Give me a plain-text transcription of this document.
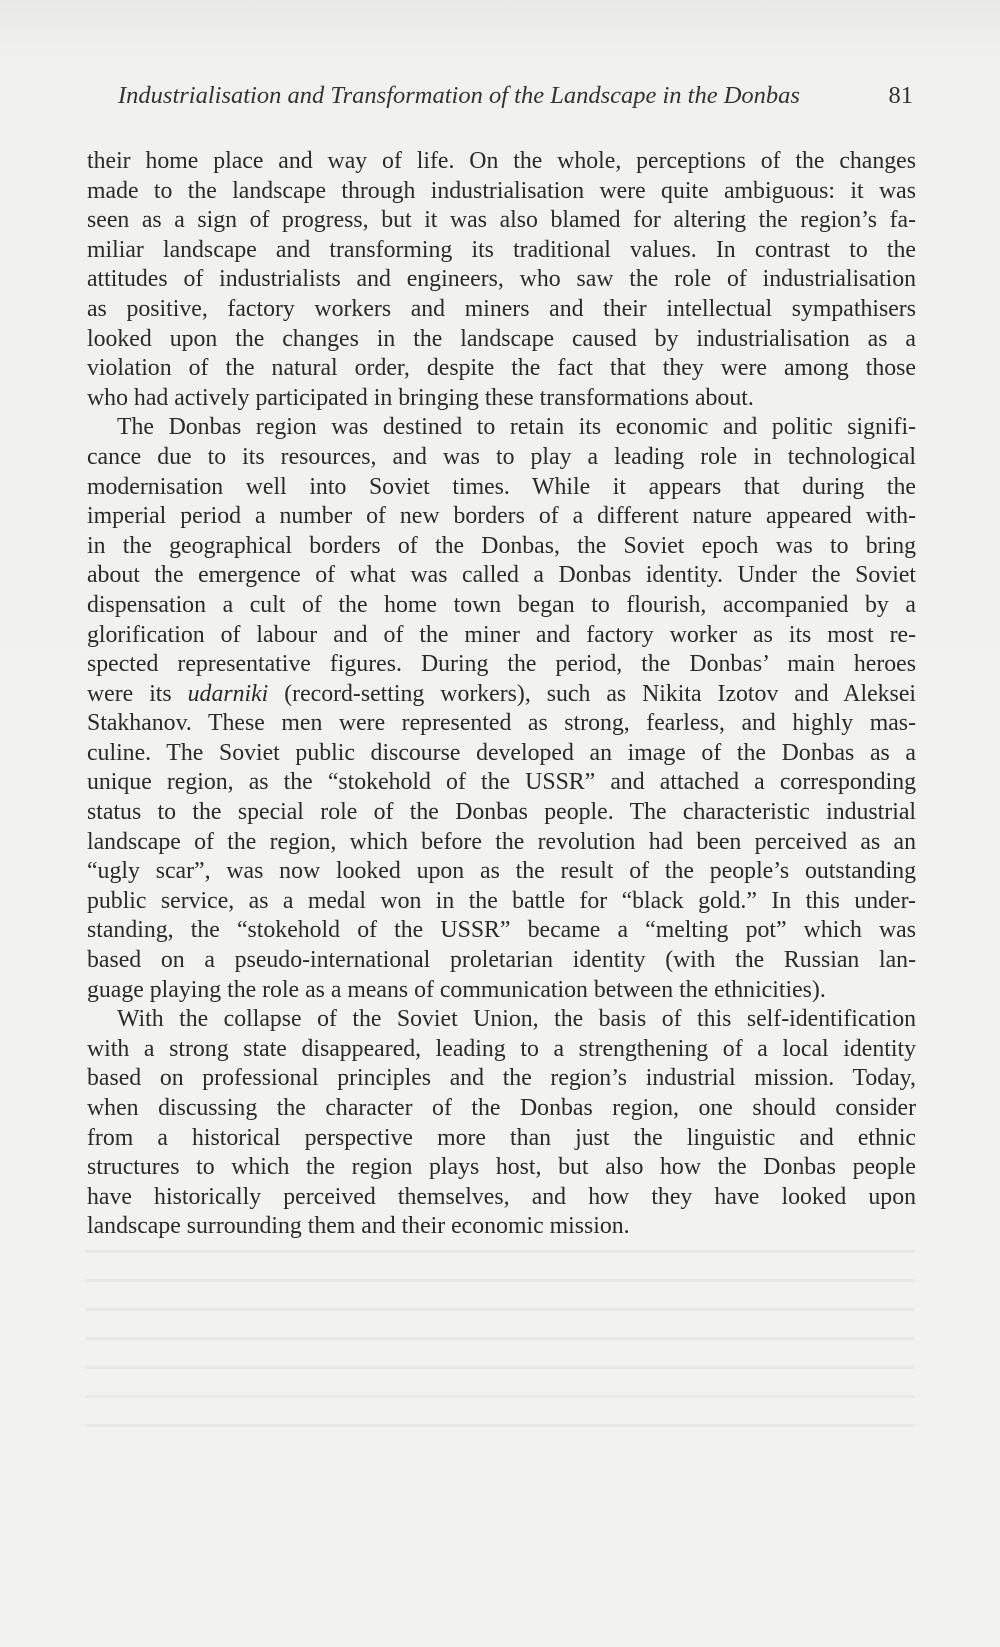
Industrialisation and Transformation of the Landscape in the Donbas	81
their home place and way of life. On the whole, perceptions of the changes
made to the landscape through industrialisation were quite ambiguous: it was
seen as a sign of progress, but it was also blamed for altering the region’s fa-
miliar landscape and transforming its traditional values. In contrast to the
attitudes of industrialists and engineers, who saw the role of industrialisation
as positive, factory workers and miners and their intellectual sympathisers
looked upon the changes in the landscape caused by industrialisation as a
violation of the natural order, despite the fact that they were among those
who had actively participated in bringing these transformations about.
The Donbas region was destined to retain its economic and politic signifi-
cance due to its resources, and was to play a leading role in technological
modernisation well into Soviet times. While it appears that during the
imperial period a number of new borders of a different nature appeared with-
in the geographical borders of the Donbas, the Soviet epoch was to bring
about the emergence of what was called a Donbas identity. Under the Soviet
dispensation a cult of the home town began to flourish, accompanied by a
glorification of labour and of the miner and factory worker as its most re-
spected representative figures. During the period, the Donbas’ main heroes
were its udarniki (record-setting workers), such as Nikita Izotov and Aleksei
Stakhanov. These men were represented as strong, fearless, and highly mas-
culine. The Soviet public discourse developed an image of the Donbas as a
unique region, as the “stokehold of the USSR” and attached a corresponding
status to the special role of the Donbas people. The characteristic industrial
landscape of the region, which before the revolution had been perceived as an
“ugly scar”, was now looked upon as the result of the people’s outstanding
public service, as a medal won in the battle for “black gold.” In this under-
standing, the “stokehold of the USSR” became a “melting pot” which was
based on a pseudo-international proletarian identity (with the Russian lan-
guage playing the role as a means of communication between the ethnicities).
With the collapse of the Soviet Union, the basis of this self-identification
with a strong state disappeared, leading to a strengthening of a local identity
based on professional principles and the region’s industrial mission. Today,
when discussing the character of the Donbas region, one should consider
from a historical perspective more than just the linguistic and ethnic
structures to which the region plays host, but also how the Donbas people
have historically perceived themselves, and how they have looked upon
landscape surrounding them and their economic mission.
